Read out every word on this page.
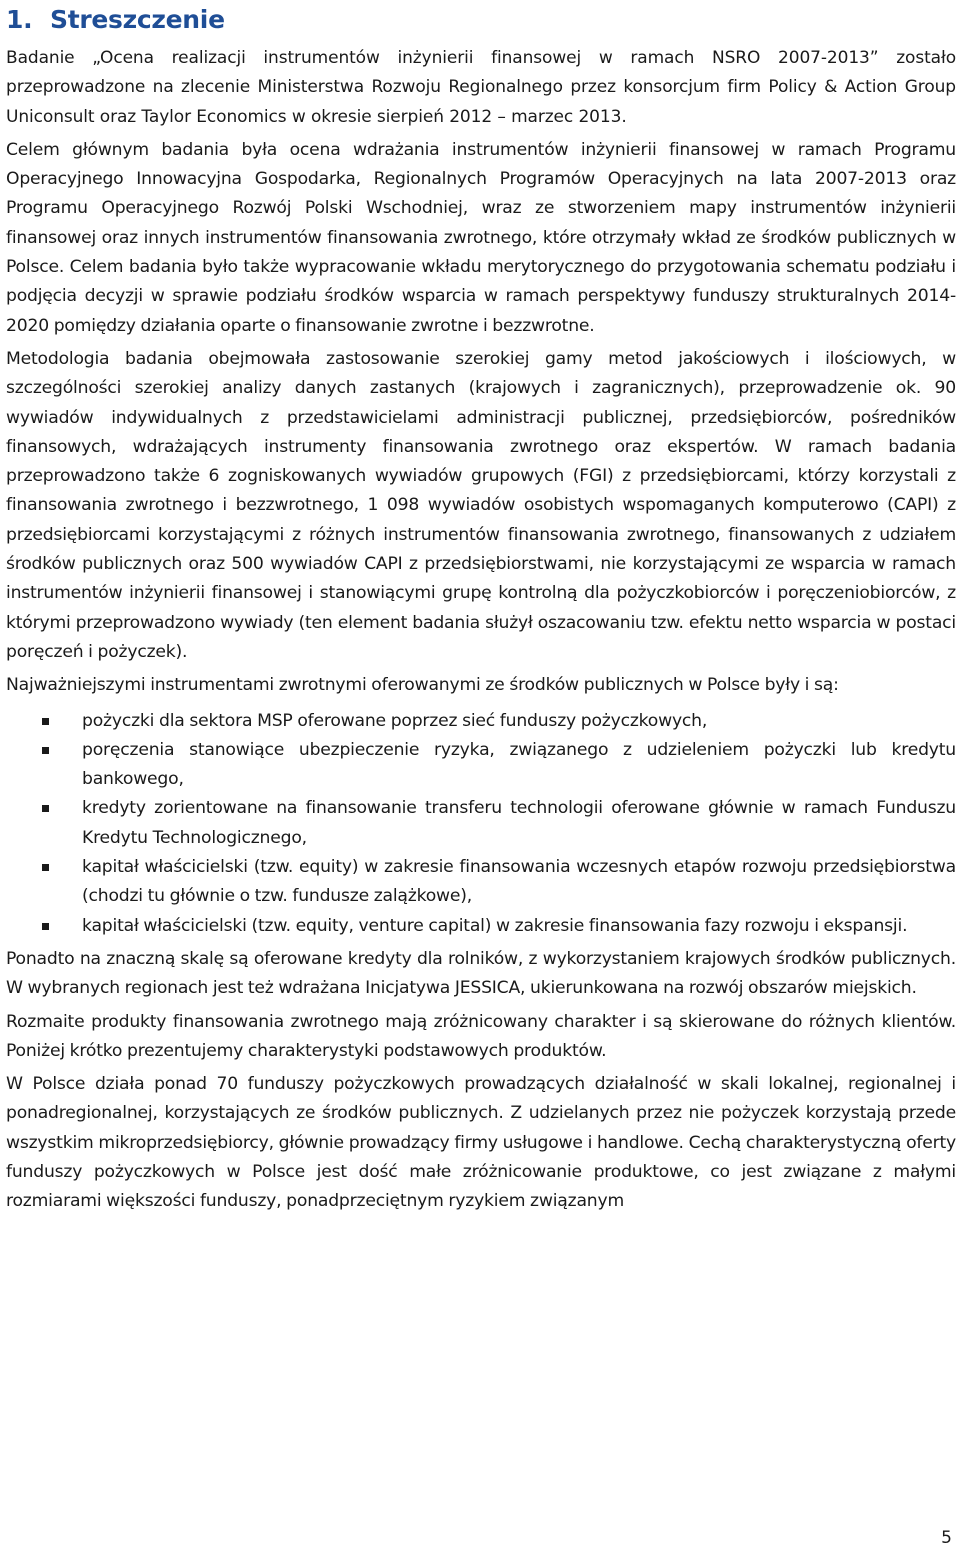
1. Streszczenie

Badanie „Ocena realizacji instrumentów inżynierii finansowej w ramach NSRO 2007-2013” zostało przeprowadzone na zlecenie Ministerstwa Rozwoju Regionalnego przez konsorcjum firm Policy & Action Group Uniconsult oraz Taylor Economics w okresie sierpień 2012 – marzec 2013.

Celem głównym badania była ocena wdrażania instrumentów inżynierii finansowej w ramach Programu Operacyjnego Innowacyjna Gospodarka, Regionalnych Programów Operacyjnych na lata 2007-2013 oraz Programu Operacyjnego Rozwój Polski Wschodniej, wraz ze stworzeniem mapy instrumentów inżynierii finansowej oraz innych instrumentów finansowania zwrotnego, które otrzymały wkład ze środków publicznych w Polsce. Celem badania było także wypracowanie wkładu merytorycznego do przygotowania schematu podziału i podjęcia decyzji w sprawie podziału środków wsparcia w ramach perspektywy funduszy strukturalnych 2014-2020 pomiędzy działania oparte o finansowanie zwrotne i bezzwrotne.

Metodologia badania obejmowała zastosowanie szerokiej gamy metod jakościowych i ilościowych, w szczególności szerokiej analizy danych zastanych (krajowych i zagranicznych), przeprowadzenie ok. 90 wywiadów indywidualnych z przedstawicielami administracji publicznej, przedsiębiorców, pośredników finansowych, wdrażających instrumenty finansowania zwrotnego oraz ekspertów. W ramach badania przeprowadzono także 6 zogniskowanych wywiadów grupowych (FGI) z przedsiębiorcami, którzy korzystali z finansowania zwrotnego i bezzwrotnego, 1 098 wywiadów osobistych wspomaganych komputerowo (CAPI) z przedsiębiorcami korzystającymi z różnych instrumentów finansowania zwrotnego, finansowanych z udziałem środków publicznych oraz 500 wywiadów CAPI z przedsiębiorstwami, nie korzystającymi ze wsparcia w ramach instrumentów inżynierii finansowej i stanowiącymi grupę kontrolną dla pożyczkobiorców i poręczeniobiorców, z którymi przeprowadzono wywiady (ten element badania służył oszacowaniu tzw. efektu netto wsparcia w postaci poręczeń i pożyczek).

Najważniejszymi instrumentami zwrotnymi oferowanymi ze środków publicznych w Polsce były i są:

pożyczki dla sektora MSP oferowane poprzez sieć funduszy pożyczkowych,
poręczenia stanowiące ubezpieczenie ryzyka, związanego z udzieleniem pożyczki lub kredytu bankowego,
kredyty zorientowane na finansowanie transferu technologii oferowane głównie w ramach Funduszu Kredytu Technologicznego,
kapitał właścicielski (tzw. equity) w zakresie finansowania wczesnych etapów rozwoju przedsiębiorstwa (chodzi tu głównie o tzw. fundusze zalążkowe),
kapitał właścicielski (tzw. equity, venture capital) w zakresie finansowania fazy rozwoju i ekspansji.

Ponadto na znaczną skalę są oferowane kredyty dla rolników, z wykorzystaniem krajowych środków publicznych. W wybranych regionach jest też wdrażana Inicjatywa JESSICA, ukierunkowana na rozwój obszarów miejskich.

Rozmaite produkty finansowania zwrotnego mają zróżnicowany charakter i są skierowane do różnych klientów. Poniżej krótko prezentujemy charakterystyki podstawowych produktów.

W Polsce działa ponad 70 funduszy pożyczkowych prowadzących działalność w skali lokalnej, regionalnej i ponadregionalnej, korzystających ze środków publicznych. Z udzielanych przez nie pożyczek korzystają przede wszystkim mikroprzedsiębiorcy, głównie prowadzący firmy usługowe i handlowe. Cechą charakterystyczną oferty funduszy pożyczkowych w Polsce jest dość małe zróżnicowanie produktowe, co jest związane z małymi rozmiarami większości funduszy, ponadprzeciętnym ryzykiem związanym

5
